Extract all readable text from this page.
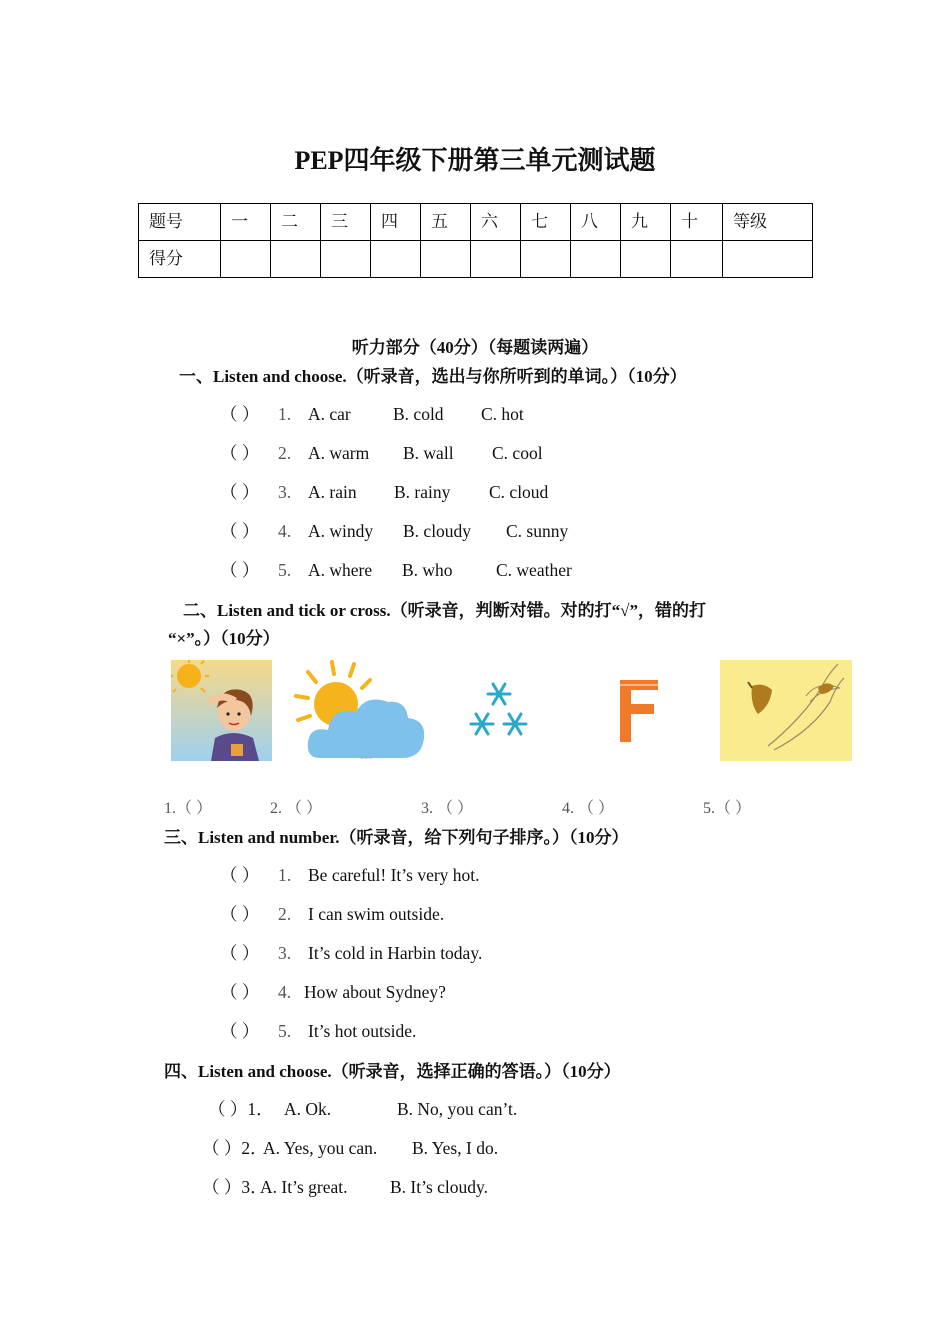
PEP四年级下册第三单元测试题
题号	一	二	三	四	五	六	七	八	九	十	等级
得分											
听力部分（40分）（每题读两遍）
一、Listen and choose.（听录音，选出与你所听到的单词。）（10分）
（ ） 1. A. car B. cold C. hot
（ ） 2. A. warm B. wall C. cool
（ ） 3. A. rain B. rainy C. cloud
（ ） 4. A. windy B. cloudy C. sunny
（ ） 5. A. where B. who C. weather
二、Listen and tick or cross.（听录音，判断对错。对的打“√”，错的打
“×”。）（10分）
www.
1.（ ）	2. （ ）	3. （ ）	4. （ ）	5.（ ）
三、Listen and number.（听录音，给下列句子排序。）（10分）
（ ） 1. Be careful! It’s very hot.
（ ） 2. I can swim outside.
（ ） 3. It’s cold in Harbin today.
（ ） 4. How about Sydney?
（ ） 5. It’s hot outside.
四、Listen and choose.（听录音，选择正确的答语。）（10分）
（ ）1． A. Ok.	B. No, you can’t.
（ ）2．A. Yes, you can. B. Yes, I do.
（ ）3．A. It’s great. B. It’s cloudy.
